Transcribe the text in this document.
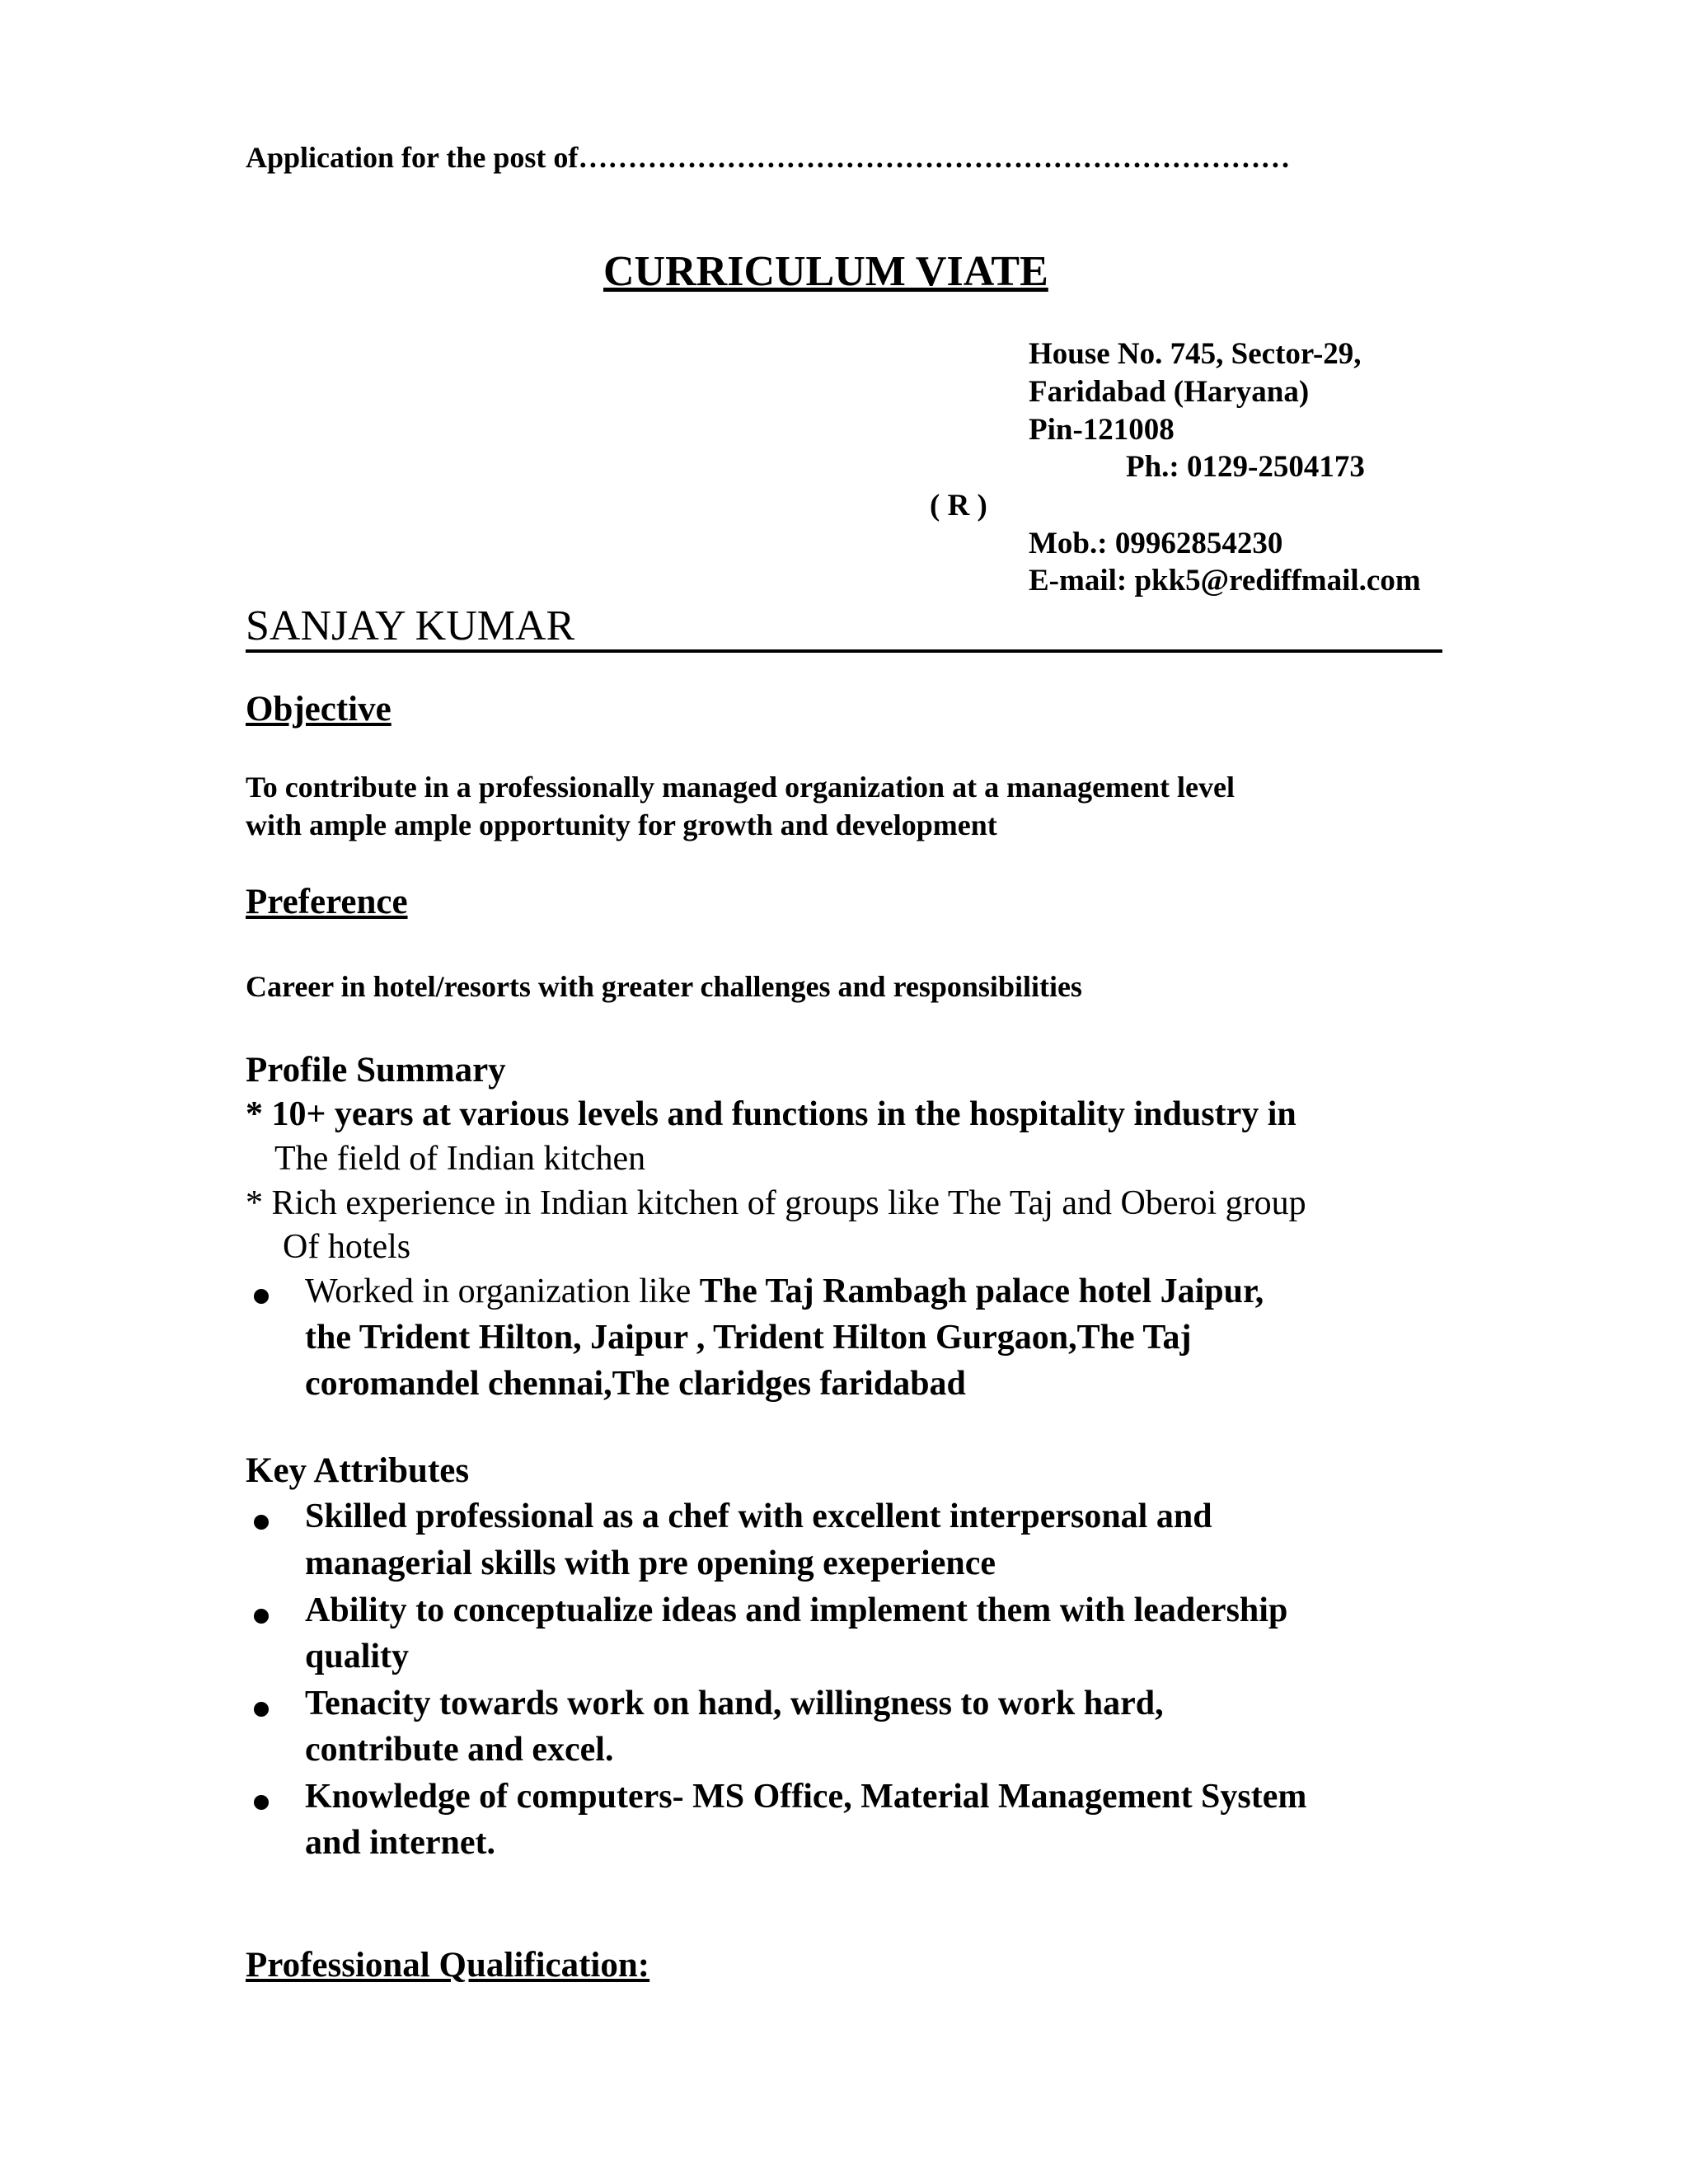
Application for the post of………………………………………………………………
CURRICULUM VIATE
House No. 745, Sector-29,
Faridabad (Haryana)
Pin-121008
Ph.: 0129-2504173
( R )
Mob.: 09962854230
E-mail: pkk5@rediffmail.com
SANJAY KUMAR
Objective
To contribute in a professionally managed organization at a management level
with ample ample opportunity for growth and development
Preference
Career in hotel/resorts with greater challenges and responsibilities
Profile Summary
* 10+ years at various levels and functions in the hospitality industry in
The field of Indian kitchen
* Rich experience in Indian kitchen of groups like The Taj and Oberoi group
Of hotels
Worked in organization like The Taj Rambagh palace hotel Jaipur,
the Trident Hilton, Jaipur , Trident Hilton Gurgaon,The Taj
coromandel chennai,The claridges faridabad
Key Attributes
Skilled professional as a chef with excellent interpersonal and
managerial skills with pre opening exeperience
Ability to conceptualize ideas and implement them with leadership
quality
Tenacity towards work on hand, willingness to work hard,
contribute and excel.
Knowledge of computers- MS Office, Material Management System
and internet.
Professional Qualification:
